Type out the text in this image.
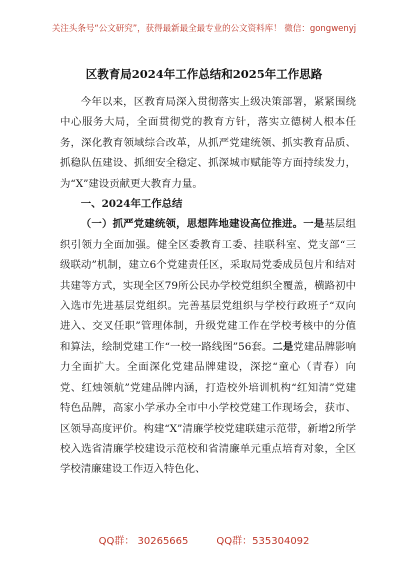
关注头条号“公文研究”，获得最新最全最专业的公文资料库！ 微信：gongwenyj
区教育局2024年工作总结和2025年工作思路

今年以来，区教育局深入贯彻落实上级决策部署，紧紧围绕中心服务大局，全面贯彻党的教育方针，落实立德树人根本任务，深化教育领域综合改革，从抓严党建统领、抓实教育品质、抓稳队伍建设、抓细安全稳定、抓深城市赋能等方面持续发力，为“X”建设贡献更大教育力量。

一、2024年工作总结

（一）抓严党建统领，思想阵地建设高位推进。一是基层组织引领力全面加强。健全区委教育工委、挂联科室、党支部“三级联动”机制，建立6个党建责任区，采取局党委成员包片和结对共建等方式，实现全区79所公民办学校党组织全覆盖，横路初中入选市先进基层党组织。完善基层党组织与学校行政班子“双向进入、交叉任职”管理体制，升级党建工作在学校考核中的分值和算法，绘制党建工作“一校一路线图”56套。二是党建品牌影响力全面扩大。全面深化党建品牌建设，深挖“童心（青春）向党、红烛领航”党建品牌内涵，打造校外培训机构“红知清”党建特色品牌，高家小学承办全市中小学校党建工作现场会，获市、区领导高度评价。构建“X”清廉学校党建联建示范带，新增2所学校入选省清廉学校建设示范校和省清廉单元重点培育对象，全区学校清廉建设工作迈入特色化、

QQ群： 30265665	QQ群：535304092
